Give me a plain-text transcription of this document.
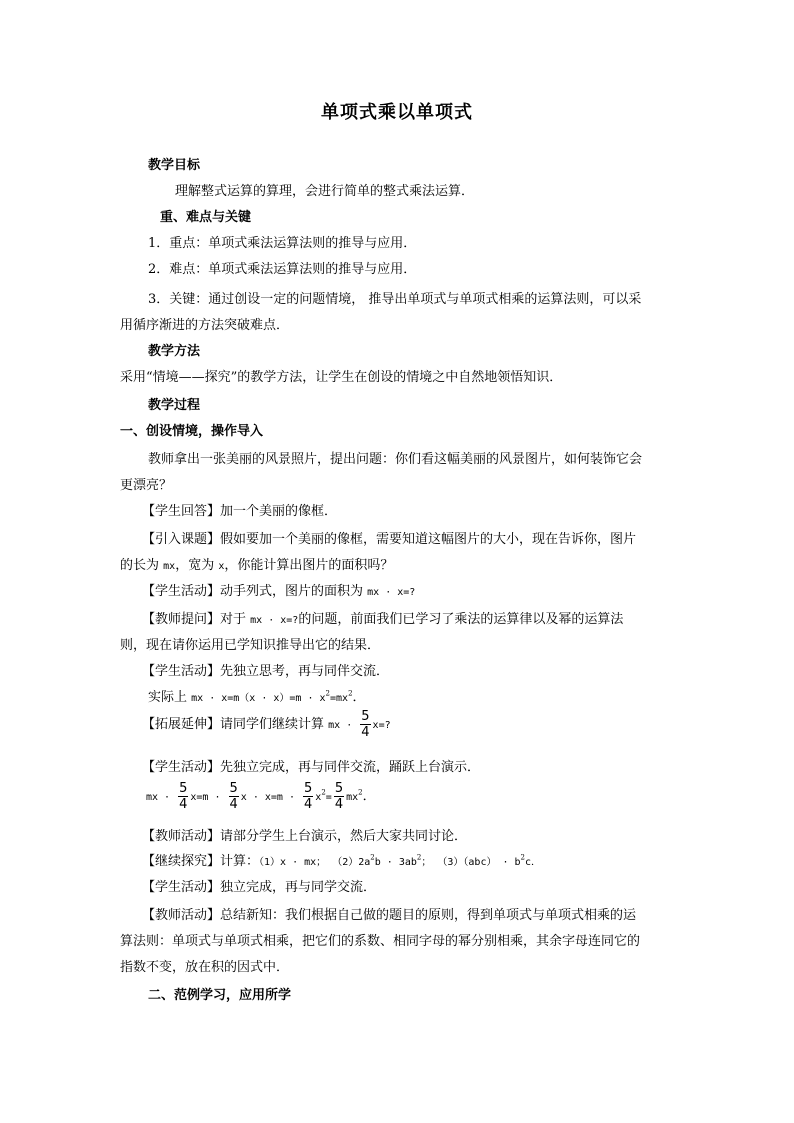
单项式乘以单项式
教学目标
理解整式运算的算理，会进行简单的整式乘法运算．
重、难点与关键
1．重点：单项式乘法运算法则的推导与应用．
2．难点：单项式乘法运算法则的推导与应用．
3．关键：通过创设一定的问题情境， 推导出单项式与单项式相乘的运算法则，可以采
用循序渐进的方法突破难点．
教学方法
采用“情境——探究”的教学方法，让学生在创设的情境之中自然地领悟知识．
教学过程
一、创设情境，操作导入
教师拿出一张美丽的风景照片，提出问题：你们看这幅美丽的风景图片，如何装饰它会
更漂亮？
【学生回答】加一个美丽的像框．
【引入课题】假如要加一个美丽的像框，需要知道这幅图片的大小，现在告诉你，图片
的长为 mx，宽为 x，你能计算出图片的面积吗？
【学生活动】动手列式，图片的面积为 mx · x=?
【教师提问】对于 mx · x=?的问题，前面我们已学习了乘法的运算律以及幂的运算法
则，现在请你运用已学知识推导出它的结果．
【学生活动】先独立思考，再与同伴交流．
实际上 mx · $x=m(x \cdot x)=m \cdot x^2=mx^2$．
【拓展延伸】请同学们继续计算 mx · $\frac{5}{4} x=$?
【学生活动】先独立完成，再与同伴交流，踊跃上台演示．
mx · $\frac{5}{4} x=m \cdot \frac{5}{4}$ $x \cdot x=m \cdot \frac{5}{4} x^2= \frac{5}{4} mx^2$．
【教师活动】请部分学生上台演示，然后大家共同讨论．
【继续探究】计算：（1）x · mx； $(2)2a^2b \cdot 3ab^2$； $(3)(abc) \cdot b^2c$．
【学生活动】独立完成，再与同学交流．
【教师活动】总结新知：我们根据自己做的题目的原则，得到单项式与单项式相乘的运
算法则：单项式与单项式相乘，把它们的系数、相同字母的幂分别相乘，其余字母连同它的
指数不变，放在积的因式中．
二、范例学习，应用所学
